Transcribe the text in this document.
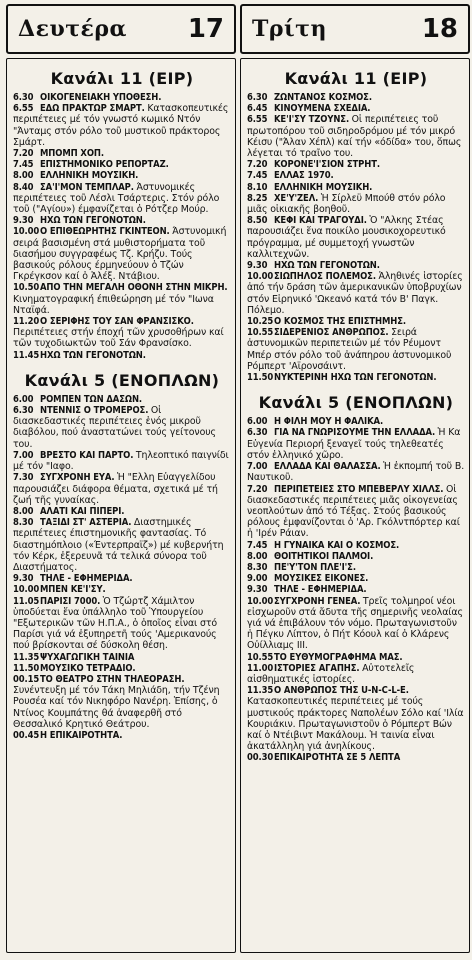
Δευτέρα 17
Κανάλι 11 (ΕΙΡ)
6.30 ΟΙΚΟΓΕΝΕΙΑΚΗ ΥΠΟΘΕΣΗ.
6.55 ΕΔΩ ΠΡΑΚΤΩΡ ΣΜΑΡΤ. Κατασκοπευτικές περιπέτειες μέ τόν γνωστό κωμικό Ντόν "Άνταμς στόν ρόλο τοῦ μυστικοῦ πράκτορος Σμάρτ.
7.20 ΜΠΟΜΠ ΧΟΠ.
7.45 ΕΠΙΣΤΗΜΟΝΙΚΟ ΡΕΠΟΡΤΑΖ.
8.00 ΕΛΛΗΝΙΚΗ ΜΟΥΣΙΚΗ.
8.40 ΣΑ'Ι'ΜΟΝ ΤΕΜΠΛΑΡ. Άστυνομικές περιπέτειες τοῦ Λέσλι Τσάρτερις. Στόν ρόλο τοῦ ("Αγίου») έμφανίζεται ὁ Ρότζερ Μούρ.
9.30 ΗΧΩ ΤΩΝ ΓΕΓΟΝΟΤΩΝ.
10.00Ο ΕΠΙΘΕΩΡΗΤΗΣ ΓΚΙΝΤΕΟΝ. Άστυνομική σειρά βασισμένη στά μυθιστορήματα τοῦ διασήμου συγγραφέως Τζ. Κρήζυ. Τούς βασικούς ρόλους έρμηνεύουν ὁ Τζών Γκρέγκσον καί ὁ Ἀλέξ. Ντάβιου.
10.50ΑΠΟ ΤΗΝ ΜΕΓΑΛΗ ΟΘΟΝΗ ΣΤΗΝ ΜΙΚΡΗ. Κινηματογραφική έπιθεώρηση μέ τόν "Ιωνα Νταϊφά.
11.20Ο ΣΕΡΙΦΗΣ ΤΟΥ ΣΑΝ ΦΡΑΝΣΙΣΚΟ. Περιπέτειες στήν έποχή τῶν χρυσοθήρων καί τῶν τυχοδιωκτῶν τοῦ Σάν Φρανσίσκο.
11.45ΗΧΩ ΤΩΝ ΓΕΓΟΝΟΤΩΝ.
Κανάλι 5 (ΕΝΟΠΛΩΝ)
6.00 ΡΟΜΠΕΝ ΤΩΝ ΔΑΣΩΝ.
6.30 ΝΤΕΝΝΙΣ Ο ΤΡΟΜΕΡΟΣ. Οἱ διασκεδαστικές περιπέτειες ἑνός μικροῦ διαβόλου, πού ἀναστατώνει τούς γείτονους του.
7.00 ΒΡΕΣΤΟ ΚΑΙ ΠΑΡΤΟ. Τηλεοπτικό παιγνίδι μέ τόν "Ιαφο.
7.30 ΣΥΓΧΡΟΝΗ ΕΥΑ. Ἡ "Ελλη Εὐαγγελίδου παρουσιάζει διάφορα θέματα, σχετικά μέ τή ζωή τῆς γυναίκας.
8.00 ΑΛΑΤΙ ΚΑΙ ΠΙΠΕΡΙ.
8.30 ΤΑΞΙΔΙ ΣΤ' ΑΣΤΕΡΙΑ. Διαστημικές περιπέτειες έπιστημονικῆς φαντασίας. Τό διαστημόπλοιο («Έντερπραϊζ») μέ κυβερνήτη τόν Κέρκ, ἐξερευνᾶ τά τελικά σύνορα τοῦ Διαστήματος.
9.30 ΤΗΛΕ - ΕΦΗΜΕΡΙΔΑ.
10.00ΜΠΕΝ ΚΕ'Ι'ΣΥ.
11.05ΠΑΡΙΣΙ 7000. Ὁ Τζώρτζ Χάμιλτον ὑποδύεται ἕνα ὑπάλληλο τοῦ Ὑπουργείου "Εξωτερικῶν τῶν Η.Π.Α., ὁ ὁποῖος εἶναι στό Παρίσι γιά νά ἐξυπηρετῆ τούς 'Αμερικανούς πού βρίσκονται σέ δύσκολη θέση.
11.35ΨΥΧΑΓΩΓΙΚΗ ΤΑΙΝΙΑ
11.50ΜΟΥΣΙΚΟ ΤΕΤΡΑΔΙΟ.
00.15ΤΟ ΘΕΑΤΡΟ ΣΤΗΝ ΤΗΛΕΟΡΑΣΗ. Συνέντευξη μέ τόν Τάκη Μηλιάδη, τήν Τζένη Ρουσέα καί τόν Νικηφόρο Νανέρη. Ἐπίσης, ὁ Ντίνος Κουμπάτης θά ἀναφερθῆ στό Θεσσαλικό Κρητικό Θεάτρου.
00.45Η ΕΠΙΚΑΙΡΟΤΗΤΑ.
Τρίτη	18
Κανάλι 11 (ΕΙΡ)
6.30 ΖΩΝΤΑΝΟΣ ΚΟΣΜΟΣ.
6.45 ΚΙΝΟΥΜΕΝΑ ΣΧΕΔΙΑ.
6.55 ΚΕ'Ι'ΣΥ ΤΖΟΥΝΣ. Οἱ περιπέτειες τοῦ πρωτοπόρου τοῦ σιδηροδρόμου μέ τόν μικρό Κέισυ ("Άλαν Χέπλ) καί τήν «όδίδα» του, ὅπως λέγεται τό τραῖνο του.
7.20 ΚΟΡΟΝΕ'Ι'ΣΙΟΝ ΣΤΡΗΤ.
7.45 ΕΛΛΑΣ 1970.
8.10 ΕΛΛΗΝΙΚΗ ΜΟΥΣΙΚΗ.
8.25 ΧΕ'Υ'ΖΕΛ. Ἡ Σίρλεϋ Μπούθ στόν ρόλο μιᾶς οἰκιακῆς βοηθοῦ.
8.50 ΚΕΦΙ ΚΑΙ ΤΡΑΓΟΥΔΙ. Ὁ "Αλκης Στέας παρουσιάζει ἕνα ποικίλο μουσικοχορευτικό πρόγραμμα, μέ συμμετοχή γνωστῶν καλλιτεχνῶν.
9.30 ΗΧΩ ΤΩΝ ΓΕΓΟΝΟΤΩΝ.
10.00ΣΙΩΠΗΛΟΣ ΠΟΛΕΜΟΣ. Ἀληθινές ἱστορίες ἀπό τήν δράση τῶν ἀμερικανικῶν ὑποβρυχίων στόν Εἰρηνικό 'Ωκεανό κατά τόν Β' Παγκ. Πόλεμο.
10.25Ο ΚΟΣΜΟΣ ΤΗΣ ΕΠΙΣΤΗΜΗΣ.
10.55ΣΙΔΕΡΕΝΙΟΣ ΑΝΘΡΩΠΟΣ. Σειρά ἀστυνομικῶν περιπετειῶν μέ τόν Ρέυμοντ Μπέρ στόν ρόλο τοῦ ἀνάπηρου ἀστυνομικοῦ Ρόμπερτ 'Αϊρονσάιντ.
11.50ΝΥΚΤΕΡΙΝΗ ΗΧΩ ΤΩΝ ΓΕΓΟΝΟΤΩΝ.
Κανάλι 5 (ΕΝΟΠΛΩΝ)
6.00 Η ΦΙΛΗ ΜΟΥ Η ΦΑΛΙΚΑ.
6.30 ΓΙΑ ΝΑ ΓΝΩΡΙΣΟΥΜΕ ΤΗΝ ΕΛΛΑΔΑ. Ἡ Κα Εὐγενία Περιορή ξεναγεῖ τούς τηλεθεατές στόν ἑλληνικό χῶρο.
7.00 ΕΛΛΑΔΑ ΚΑΙ ΘΑΛΑΣΣΑ. Ἡ ἐκπομπή τοῦ Β. Ναυτικοῦ.
7.20 ΠΕΡΙΠΕΤΕΙΕΣ ΣΤΟ ΜΠΕΒΕΡΛΥ ΧΙΛΛΣ. Οἱ διασκεδαστικές περιπέτειες μιᾶς οἰκογενείας νεοπλούτων ἀπό τό Τέξας. Στούς βασικούς ρόλους ἐμφανίζονται ὁ 'Αρ. Γκόλντπόρτερ καί ἡ 'Ιρέν Ράιαν.
7.45 Η ΓΥΝΑΙΚΑ ΚΑΙ Ο ΚΟΣΜΟΣ.
8.00 ΘΟΙΤΗΤΙΚΟΙ ΠΑΛΜΟΙ.
8.30 ΠΕ'Υ'ΤΟΝ ΠΛΕ'Ι'Σ.
9.00 ΜΟΥΣΙΚΕΣ ΕΙΚΟΝΕΣ.
9.30 ΤΗΛΕ - ΕΦΗΜΕΡΙΔΑ.
10.00ΣΥΓΧΡΟΝΗ ΓΕΝΕΑ. Τρεῖς τολμηροί νέοι εἰσχωροῦν στά ἄδυτα τῆς σημερινῆς νεολαίας γιά νά ἐπιβάλουν τόν νόμο. Πρωταγωνιστοῦν ἡ Πέγκυ Λίπτον, ὁ Πήτ Κόουλ καί ὁ Κλάρενς Οὐίλλιαμς ΙΙΙ.
10.55ΤΟ ΕΥΘΥΜΟΓΡΑΦΗΜΑ ΜΑΣ.
11.00ΙΣΤΟΡΙΕΣ ΑΓΑΠΗΣ. Αὐτοτελεῖς αἰσθηματικές ἱστορίες.
11.35Ο ΑΝΘΡΩΠΟΣ ΤΗΣ U-N-C-L-E. Κατασκοπευτικές περιπέτειες μέ τούς μυστικούς πράκτορες Ναπολέων Σόλο καί 'Ιλία Κουριάκιν. Πρωταγωνιστοῦν ὁ Ρόμπερτ Βών καί ὁ Ντέιβιντ Μακάλουμ. Ἡ ταινία εἶναι ἀκατάλληλη γιά ἀνηλίκους.
00.30ΕΠΙΚΑΙΡΟΤΗΤΑ ΣΕ 5 ΛΕΠΤΑ
